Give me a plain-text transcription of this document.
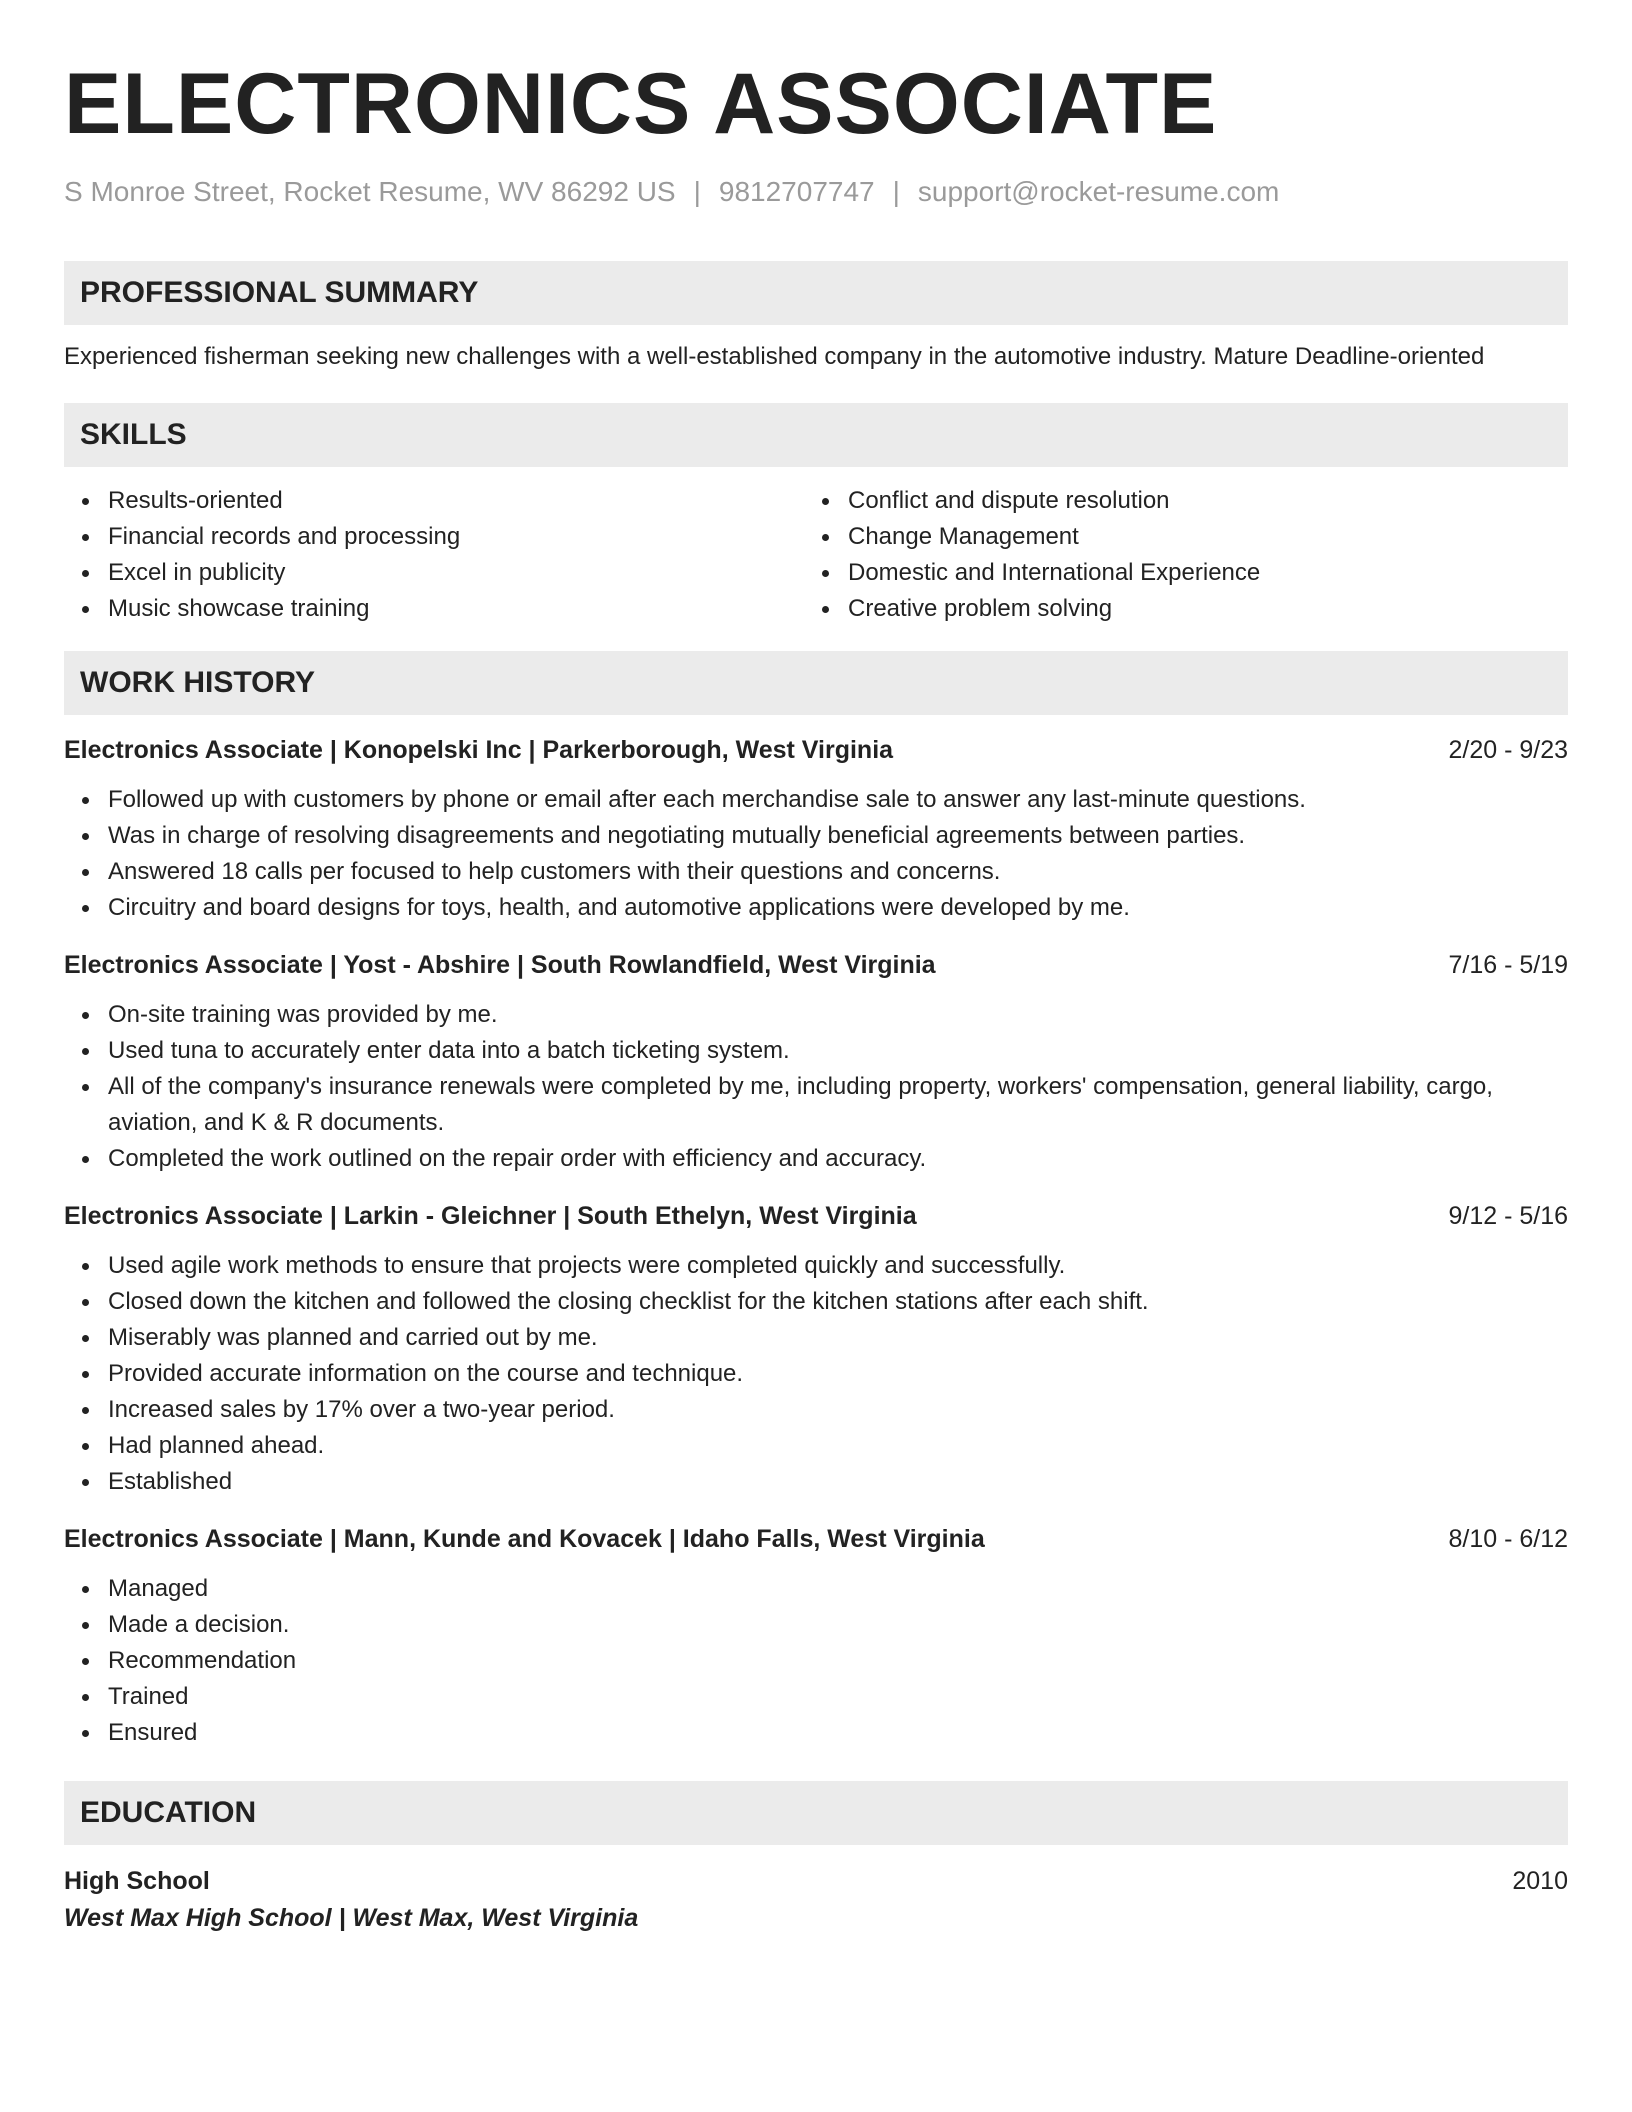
ELECTRONICS ASSOCIATE
S Monroe Street, Rocket Resume, WV 86292 US | 9812707747 | support@rocket-resume.com
PROFESSIONAL SUMMARY
Experienced fisherman seeking new challenges with a well-established company in the automotive industry. Mature Deadline-oriented
SKILLS
Results-oriented
Financial records and processing
Excel in publicity
Music showcase training
Conflict and dispute resolution
Change Management
Domestic and International Experience
Creative problem solving
WORK HISTORY
Electronics Associate | Konopelski Inc | Parkerborough, West Virginia	2/20 - 9/23
Followed up with customers by phone or email after each merchandise sale to answer any last-minute questions.
Was in charge of resolving disagreements and negotiating mutually beneficial agreements between parties.
Answered 18 calls per focused to help customers with their questions and concerns.
Circuitry and board designs for toys, health, and automotive applications were developed by me.
Electronics Associate | Yost - Abshire | South Rowlandfield, West Virginia	7/16 - 5/19
On-site training was provided by me.
Used tuna to accurately enter data into a batch ticketing system.
All of the company's insurance renewals were completed by me, including property, workers' compensation, general liability, cargo, aviation, and K & R documents.
Completed the work outlined on the repair order with efficiency and accuracy.
Electronics Associate | Larkin - Gleichner | South Ethelyn, West Virginia	9/12 - 5/16
Used agile work methods to ensure that projects were completed quickly and successfully.
Closed down the kitchen and followed the closing checklist for the kitchen stations after each shift.
Miserably was planned and carried out by me.
Provided accurate information on the course and technique.
Increased sales by 17% over a two-year period.
Had planned ahead.
Established
Electronics Associate | Mann, Kunde and Kovacek | Idaho Falls, West Virginia	8/10 - 6/12
Managed
Made a decision.
Recommendation
Trained
Ensured
EDUCATION
High School	2010
West Max High School | West Max, West Virginia
